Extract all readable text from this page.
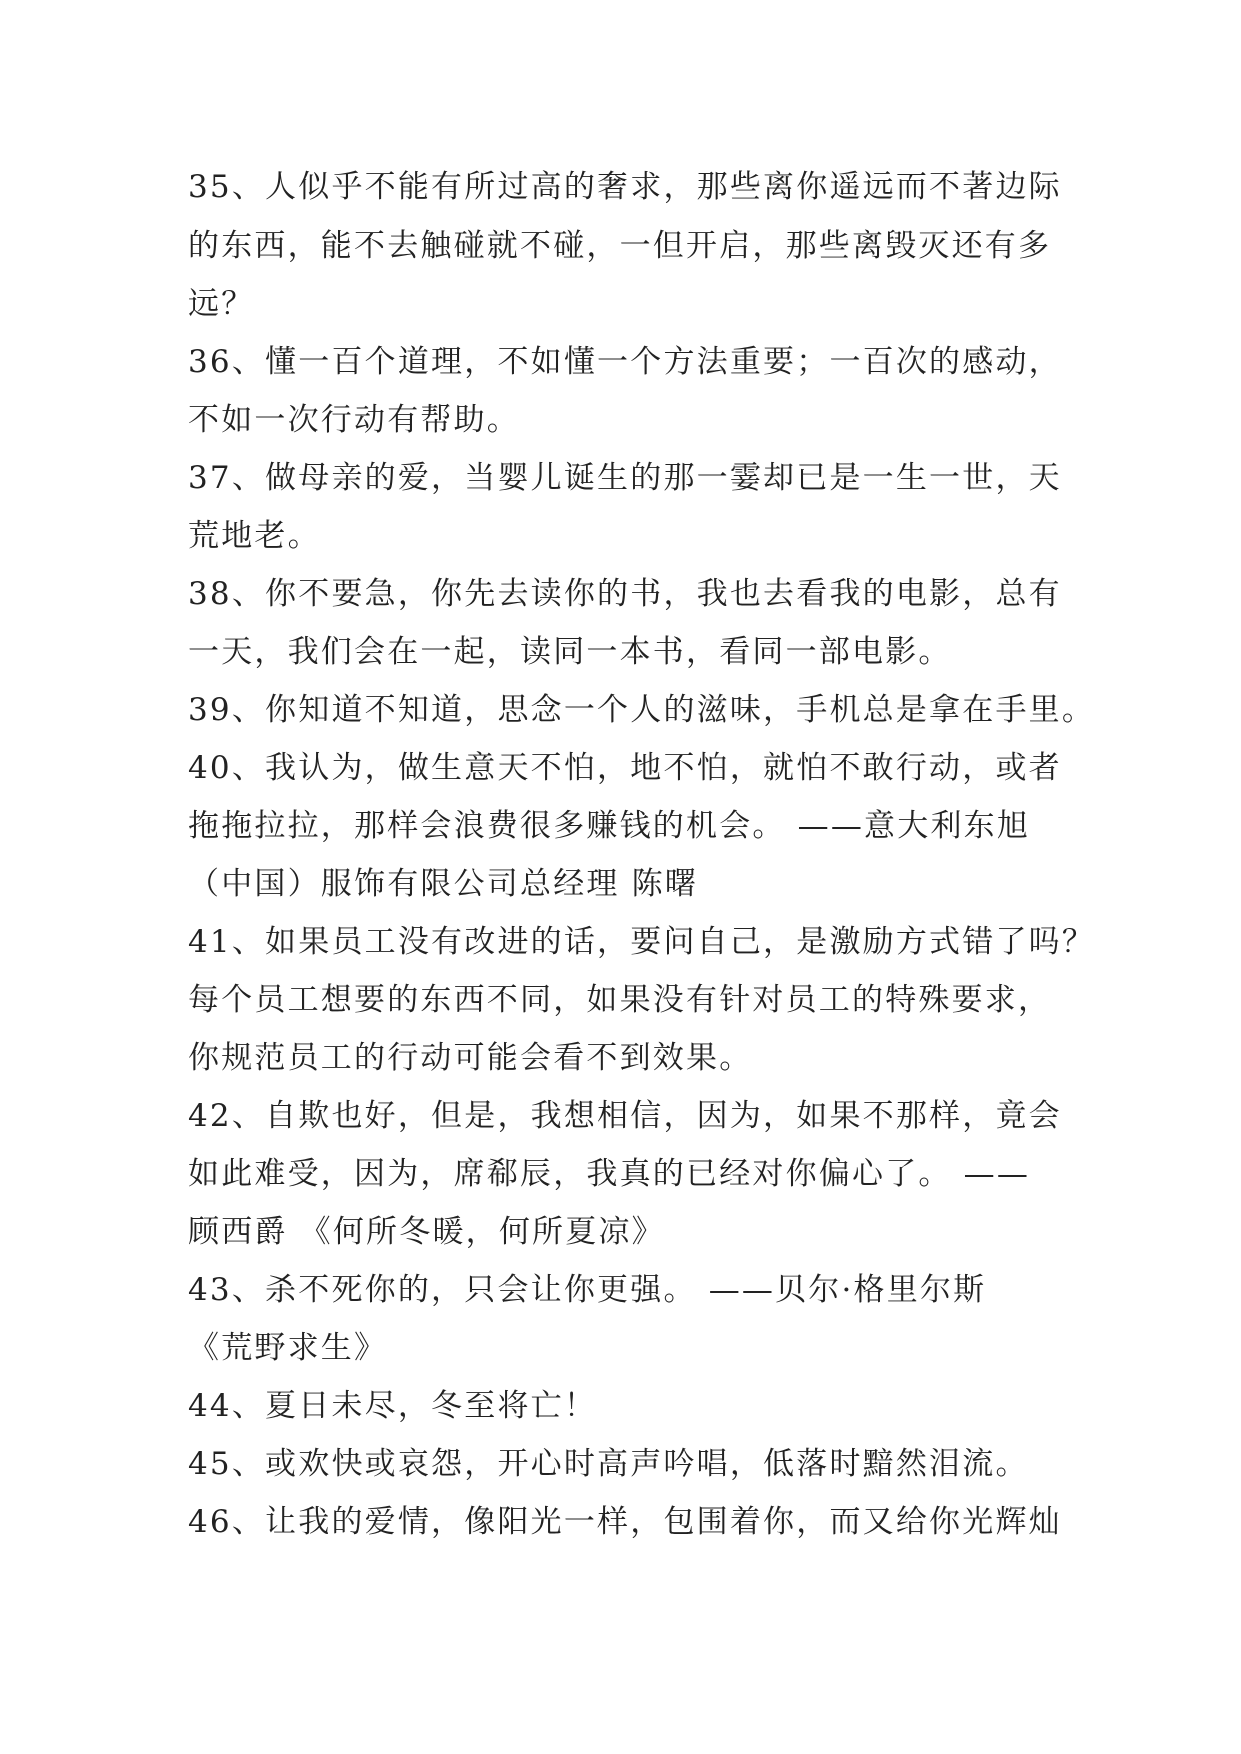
35、人似乎不能有所过高的奢求，那些离你遥远而不著边际

的东西，能不去触碰就不碰，一但开启，那些离毁灭还有多

远？

36、懂一百个道理，不如懂一个方法重要；一百次的感动，

不如一次行动有帮助。

37、做母亲的爱，当婴儿诞生的那一霎却已是一生一世，天

荒地老。

38、你不要急，你先去读你的书，我也去看我的电影，总有

一天，我们会在一起，读同一本书，看同一部电影。

39、你知道不知道，思念一个人的滋味，手机总是拿在手里。

40、我认为，做生意天不怕，地不怕，就怕不敢行动，或者

拖拖拉拉，那样会浪费很多赚钱的机会。 ——意大利东旭

（中国）服饰有限公司总经理 陈曙

41、如果员工没有改进的话，要问自己，是激励方式错了吗？

每个员工想要的东西不同，如果没有针对员工的特殊要求，

你规范员工的行动可能会看不到效果。

42、自欺也好，但是，我想相信，因为，如果不那样，竟会

如此难受，因为，席郗辰，我真的已经对你偏心了。 ——

顾西爵 《何所冬暖，何所夏凉》

43、杀不死你的，只会让你更强。 ——贝尔·格里尔斯

《荒野求生》

44、夏日未尽，冬至将亡！

45、或欢快或哀怨，开心时高声吟唱，低落时黯然泪流。

46、让我的爱情，像阳光一样，包围着你，而又给你光辉灿
